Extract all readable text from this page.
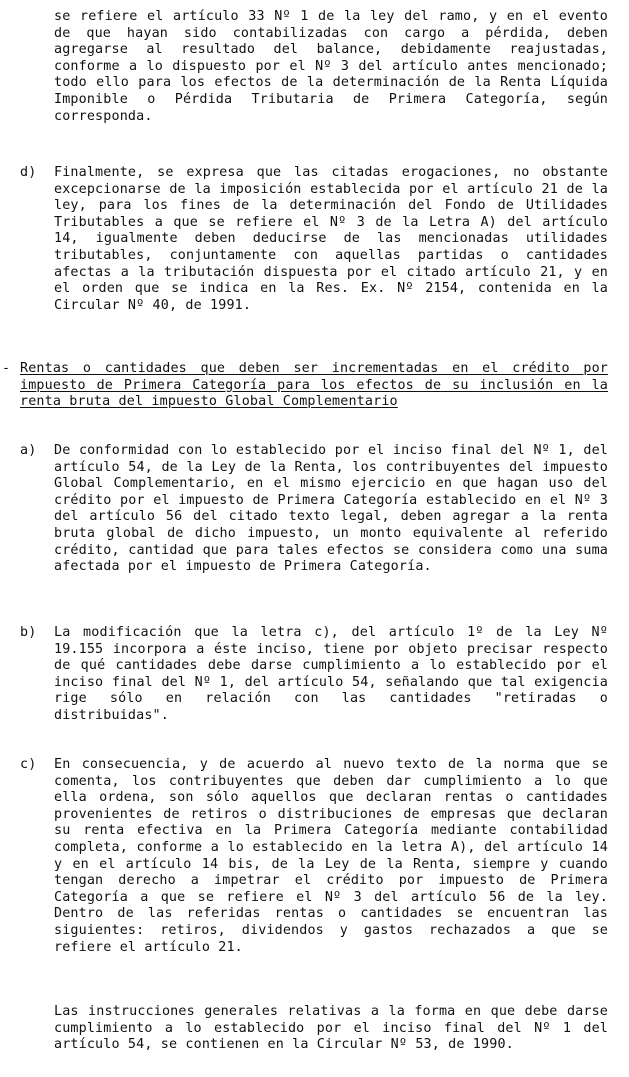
se refiere el artículo 33 Nº 1 de la ley del ramo, y en el evento de que hayan sido contabilizadas con cargo a pérdida, deben agregarse al resultado del balance, debidamente reajustadas, conforme a lo dispuesto por el Nº 3 del artículo antes mencionado; todo ello para los efectos de la determinación de la Renta Líquida Imponible o Pérdida Tributaria de Primera Categoría, según corresponda.

d) Finalmente, se expresa que las citadas erogaciones, no obstante excepcionarse de la imposición establecida por el artículo 21 de la ley, para los fines de la determinación del Fondo de Utilidades Tributables a que se refiere el Nº 3 de la Letra A) del artículo 14, igualmente deben deducirse de las mencionadas utilidades tributables, conjuntamente con aquellas partidas o cantidades afectas a la tributación dispuesta por el citado artículo 21, y en el orden que se indica en la Res. Ex. Nº 2154, contenida en la Circular Nº 40, de 1991.

- Rentas o cantidades que deben ser incrementadas en el crédito por impuesto de Primera Categoría para los efectos de su inclusión en la renta bruta del impuesto Global Complementario
a) De conformidad con lo establecido por el inciso final del Nº 1, del artículo 54, de la Ley de la Renta, los contribuyentes del impuesto Global Complementario, en el mismo ejercicio en que hagan uso del crédito por el impuesto de Primera Categoría establecido en el Nº 3 del artículo 56 del citado texto legal, deben agregar a la renta bruta global de dicho impuesto, un monto equivalente al referido crédito, cantidad que para tales efectos se considera como una suma afectada por el impuesto de Primera Categoría.

b) La modificación que la letra c), del artículo 1º de la Ley Nº 19.155 incorpora a éste inciso, tiene por objeto precisar respecto de qué cantidades debe darse cumplimiento a lo establecido por el inciso final del Nº 1, del artículo 54, señalando que tal exigencia rige sólo en relación con las cantidades "retiradas o distribuidas".

c) En consecuencia, y de acuerdo al nuevo texto de la norma que se comenta, los contribuyentes que deben dar cumplimiento a lo que ella ordena, son sólo aquellos que declaran rentas o cantidades provenientes de retiros o distribuciones de empresas que declaran su renta efectiva en la Primera Categoría mediante contabilidad completa, conforme a lo establecido en la letra A), del artículo 14 y en el artículo 14 bis, de la Ley de la Renta, siempre y cuando tengan derecho a impetrar el crédito por impuesto de Primera Categoría a que se refiere el Nº 3 del artículo 56 de la ley. Dentro de las referidas rentas o cantidades se encuentran las siguientes: retiros, dividendos y gastos rechazados a que se refiere el artículo 21.

Las instrucciones generales relativas a la forma en que debe darse cumplimiento a lo establecido por el inciso final del Nº 1 del artículo 54, se contienen en la Circular Nº 53, de 1990.
